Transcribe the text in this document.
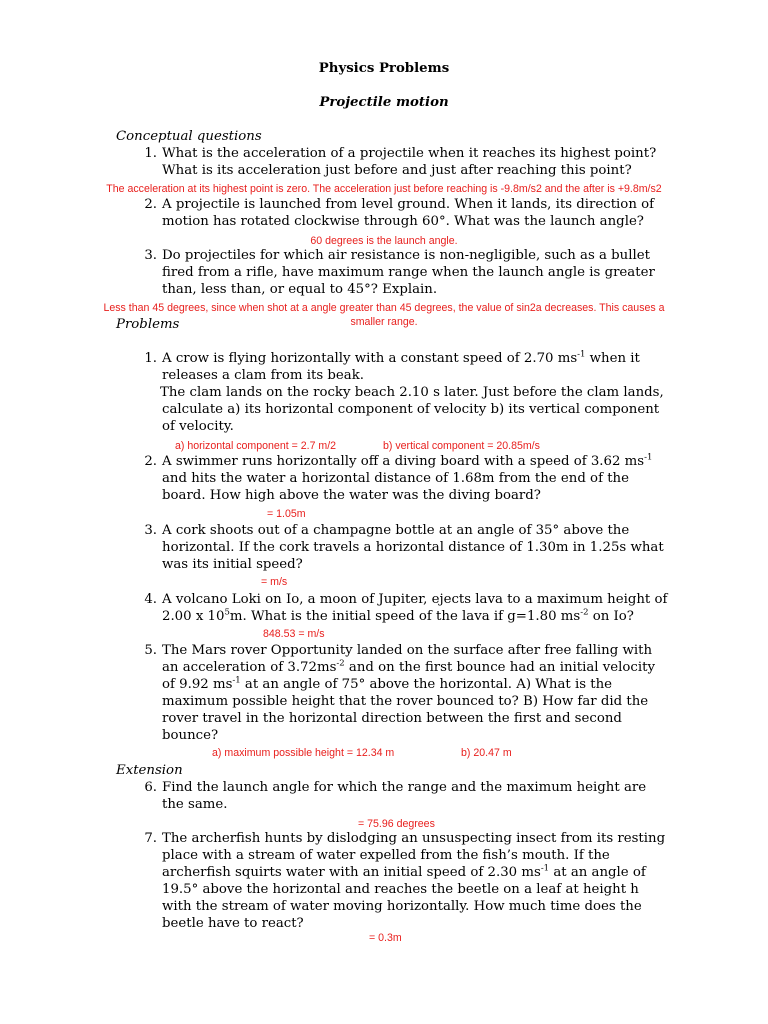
Physics Problems
Projectile motion
Conceptual questions
1. What is the acceleration of a projectile when it reaches its highest point?
What is its acceleration just before and just after reaching this point?
The acceleration at its highest point is zero. The acceleration just before reaching is -9.8m/s2 and the after is +9.8m/s2
2. A projectile is launched from level ground. When it lands, its direction of
motion has rotated clockwise through 60°. What was the launch angle?
60 degrees is the launch angle.
3. Do projectiles for which air resistance is non-negligible, such as a bullet
fired from a rifle, have maximum range when the launch angle is greater
than, less than, or equal to 45°? Explain.
Less than 45 degrees, since when shot at a angle greater than 45 degrees, the value of sin2a decreases. This causes a
smaller range.
Problems
1. A crow is flying horizontally with a constant speed of 2.70 $ms^{-1}$ when it
releases a clam from its beak.
The clam lands on the rocky beach 2.10 s later. Just before the clam lands,
calculate a) its horizontal component of velocity b) its vertical component
of velocity.
a) horizontal component = 2.7 m/2	b) vertical component = 20.85m/s
2. A swimmer runs horizontally off a diving board with a speed of 3.62 $ms^{-1}$
and hits the water a horizontal distance of 1.68m from the end of the
board. How high above the water was the diving board?
= 1.05m
3. A cork shoots out of a champagne bottle at an angle of 35° above the
horizontal. If the cork travels a horizontal distance of 1.30m in 1.25s what
was its initial speed?
= m/s
4. A volcano Loki on Io, a moon of Jupiter, ejects lava to a maximum height of
2.00 x $10^5m$. What is the initial speed of the lava if g=1.80 $ms^{-2}$ on Io?
848.53 = m/s
5. The Mars rover Opportunity landed on the surface after free falling with
an acceleration of $3.72ms^{-2}$ and on the first bounce had an initial velocity
of 9.92 $ms^{-1}$ at an angle of 75° above the horizontal. A) What is the
maximum possible height that the rover bounced to? B) How far did the
rover travel in the horizontal direction between the first and second
bounce?
a) maximum possible height = 12.34 m	b) 20.47 m
Extension
6. Find the launch angle for which the range and the maximum height are
the same.
= 75.96 degrees
7. The archerfish hunts by dislodging an unsuspecting insect from its resting
place with a stream of water expelled from the fish’s mouth. If the
archerfish squirts water with an initial speed of 2.30 $ms^{-1}$ at an angle of
19.5° above the horizontal and reaches the beetle on a leaf at height h
with the stream of water moving horizontally. How much time does the
beetle have to react?
= 0.3m
